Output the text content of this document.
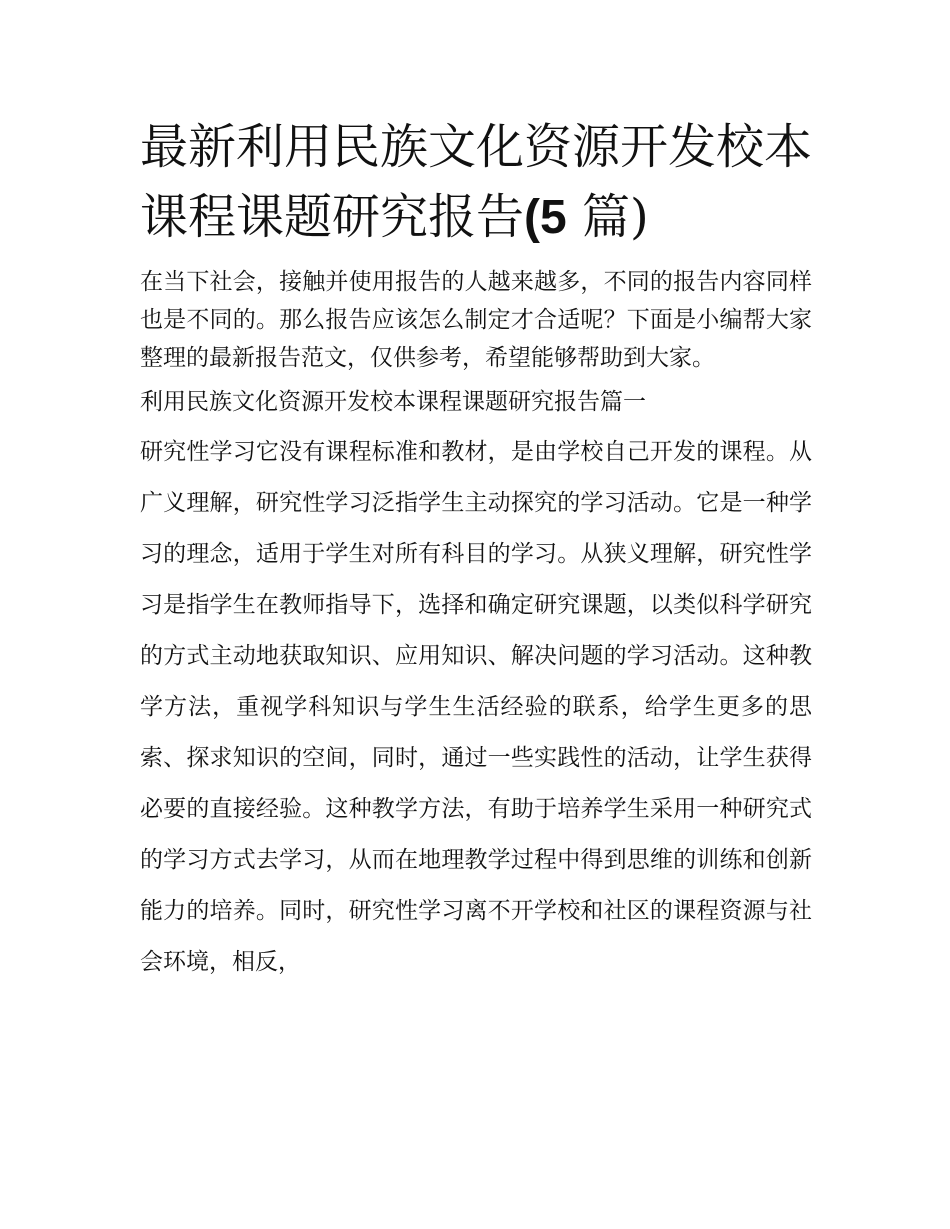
最新利用民族文化资源开发校本课程课题研究报告(5 篇)

在当下社会，接触并使用报告的人越来越多，不同的报告内容同样也是不同的。那么报告应该怎么制定才合适呢？下面是小编帮大家整理的最新报告范文，仅供参考，希望能够帮助到大家。

利用民族文化资源开发校本课程课题研究报告篇一

研究性学习它没有课程标准和教材，是由学校自己开发的课程。从广义理解，研究性学习泛指学生主动探究的学习活动。它是一种学习的理念，适用于学生对所有科目的学习。从狭义理解，研究性学习是指学生在教师指导下，选择和确定研究课题，以类似科学研究的方式主动地获取知识、应用知识、解决问题的学习活动。这种教学方法，重视学科知识与学生生活经验的联系，给学生更多的思索、探求知识的空间，同时，通过一些实践性的活动，让学生获得必要的直接经验。这种教学方法，有助于培养学生采用一种研究式的学习方式去学习，从而在地理教学过程中得到思维的训练和创新能力的培养。同时，研究性学习离不开学校和社区的课程资源与社会环境，相反，
